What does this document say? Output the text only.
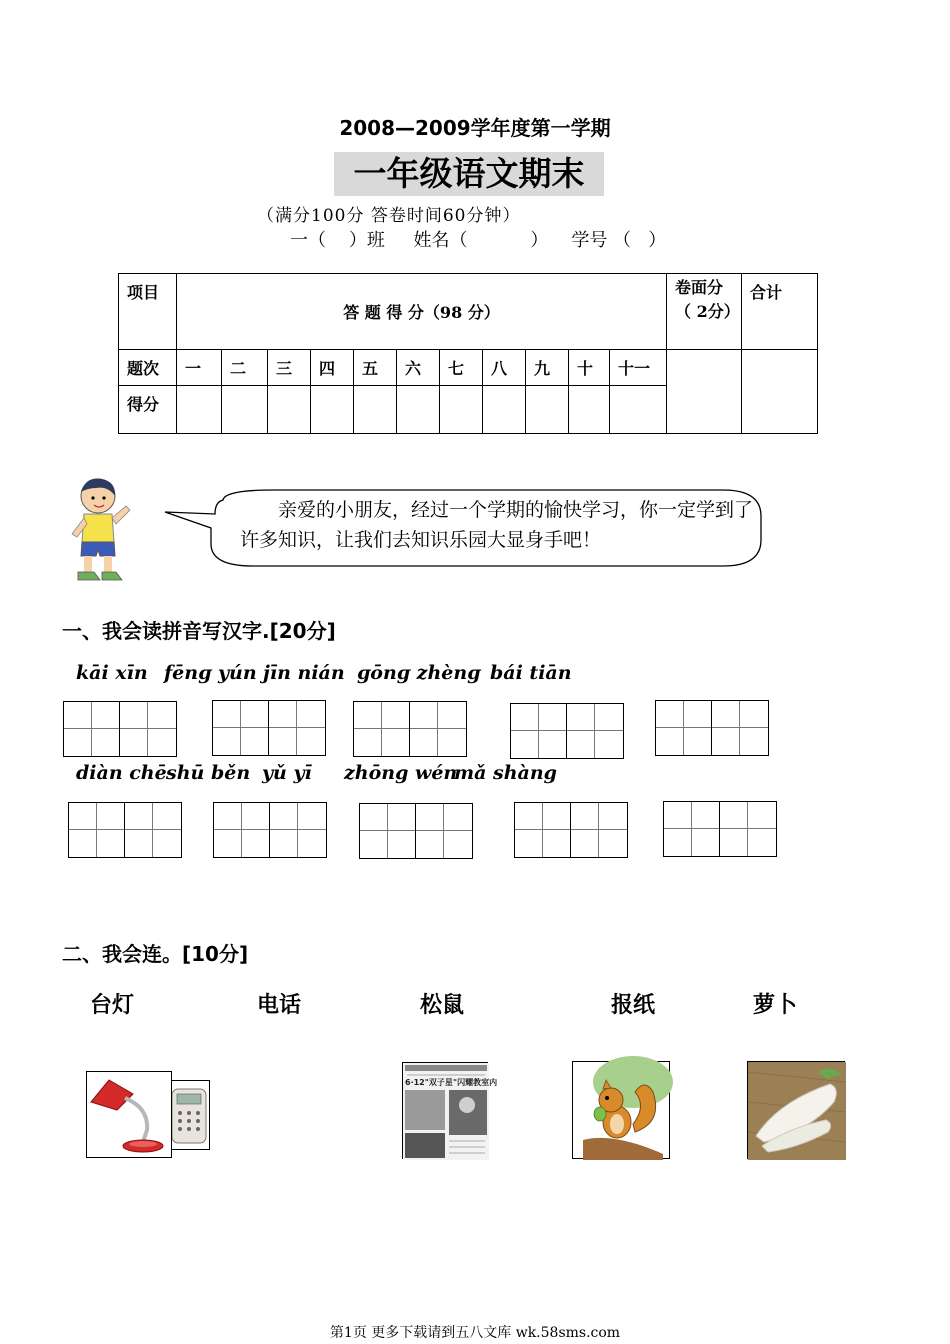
2008—2009学年度第一学期
一年级语文期末
（满分100分 答卷时间60分钟）
一（    ）班     姓名（           ）    学号 （   ）
项目	答 题 得 分（98 分）											卷面分（ 2分）	合计
题次	一	二	三	四	五	六	七	八	九	十	十一		
得分													
亲爱的小朋友，经过一个学期的愉快学习，你一定学到了许多知识，让我们去知识乐园大显身手吧！
一、我会读拼音写汉字.[20分]
kāi xīn fēnɡ yún jīn nián ɡōnɡ zhènɡ bái tiān
diàn chē shū běn yǔ yī zhōng wén
mǎ shàng
二、我会连。[10分]
台灯	电话	松鼠	报纸	萝卜
6·12"双子星"闪耀教室内
第1页 更多下载请到五八文库 wk.58sms.com
